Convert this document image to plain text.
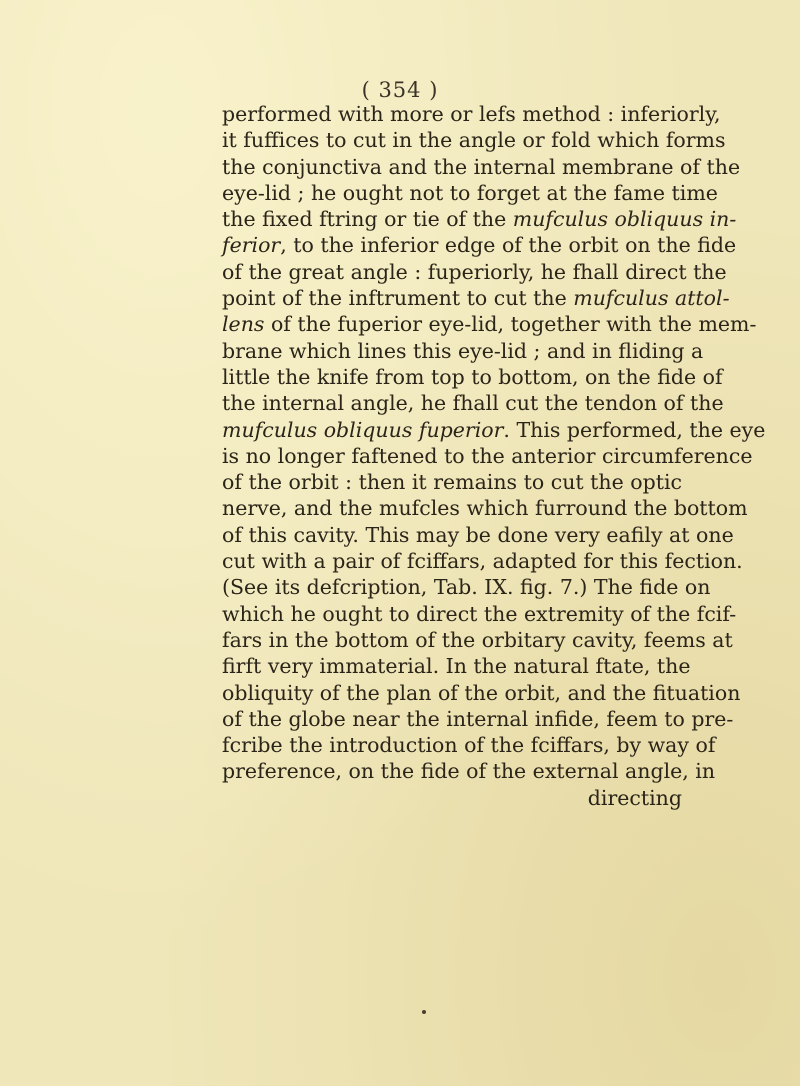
( 354 )
performed with more or lefs method : inferiorly,
it fuffices to cut in the angle or fold which forms
the conjunctiva and the internal membrane of the
eye-lid ; he ought not to forget at the fame time
the fixed ftring or tie of the mufculus obliquus in-
ferior, to the inferior edge of the orbit on the fide
of the great angle : fuperiorly, he fhall direct the
point of the inftrument to cut the mufculus attol-
lens of the fuperior eye-lid, together with the mem-
brane which lines this eye-lid ; and in fliding a
little the knife from top to bottom, on the fide of
the internal angle, he fhall cut the tendon of the
mufculus obliquus fuperior. This performed, the eye
is no longer faftened to the anterior circumference
of the orbit : then it remains to cut the optic
nerve, and the mufcles which furround the bottom
of this cavity. This may be done very eafily at one
cut with a pair of fciffars, adapted for this fection.
(See its defcription, Tab. IX. fig. 7.) The fide on
which he ought to direct the extremity of the fcif-
fars in the bottom of the orbitary cavity, feems at
firft very immaterial. In the natural ftate, the
obliquity of the plan of the orbit, and the fituation
of the globe near the internal infide, feem to pre-
fcribe the introduction of the fciffars, by way of
preference, on the fide of the external angle, in
directing
